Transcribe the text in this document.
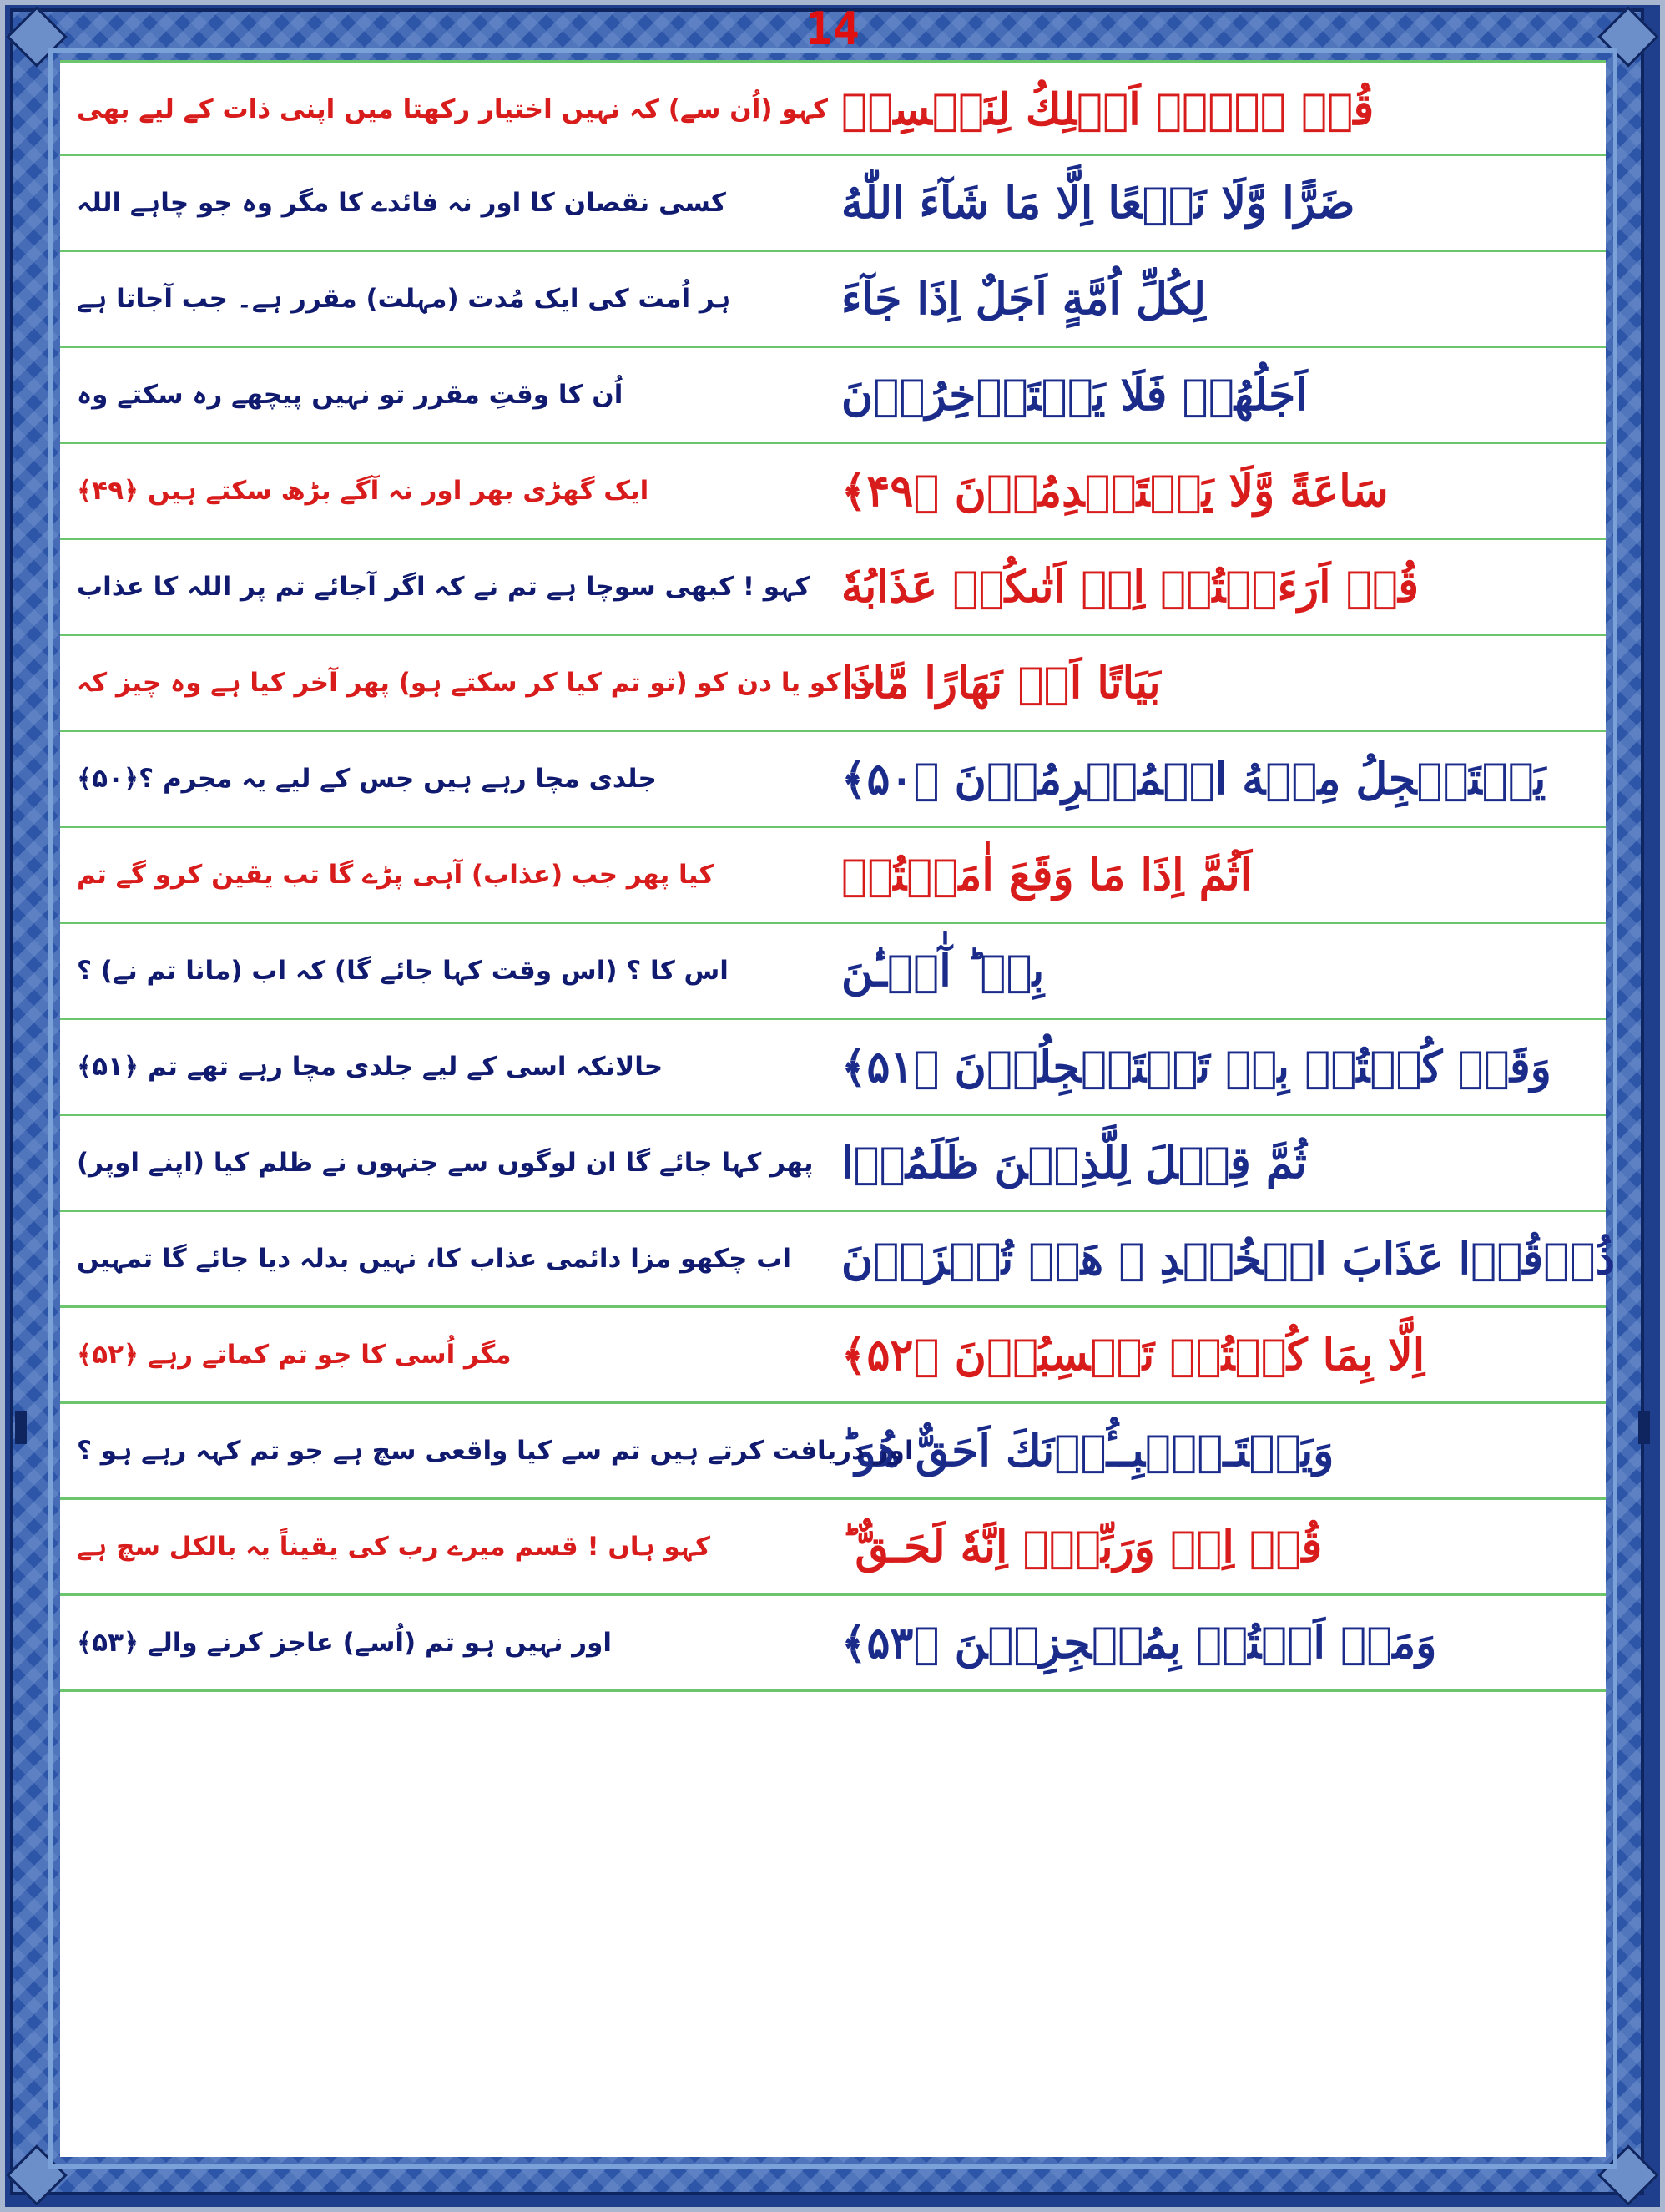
14
قُلۡ لَّاۤ اَمۡلِكُ لِنَفۡسِیۡ
کہو (اُن سے) کہ نہیں اختیار رکھتا میں اپنی ذات کے لیے بھی
ضَرًّا وَّلَا نَفۡعًا اِلَّا مَا شَآءَ اللّٰهُ
کسی نقصان کا اور نہ فائدے کا مگر وہ جو چاہے اللہ
لِكُلِّ اُمَّةٍ اَجَلٌ اِذَا جَآءَ
ہر اُمت کی ایک مُدت (مہلت) مقرر ہے۔ جب آجاتا ہے
اَجَلُهُمۡ فَلَا يَسۡتَاۡخِرُوۡنَ
اُن کا وقتِ مقرر تو نہیں پیچھے رہ سکتے وہ
سَاعَةً وَّلَا يَسۡتَقۡدِمُوۡنَ ﴿۴۹﴾
ایک گھڑی بھر اور نہ آگے بڑھ سکتے ہیں ﴿۴۹﴾
قُلۡ اَرَءَيۡتُمۡ اِنۡ اَتٰٮكُمۡ عَذَابُهٗ
کہو ! کبھی سوچا ہے تم نے کہ اگر آجائے تم پر اللہ کا عذاب
بَيَاتًا اَوۡ نَهَارًا مَّاذَا
رات کو یا دن کو (تو تم کیا کر سکتے ہو) پھر آخر کیا ہے وہ چیز کہ
يَسۡتَعۡجِلُ مِنۡهُ الۡمُجۡرِمُوۡنَ ﴿۵۰﴾
جلدی مچا رہے ہیں جس کے لیے یہ مجرم ؟﴿۵۰﴾
اَثُمَّ اِذَا مَا وَقَعَ اٰمَنۡتُمۡ
کیا پھر جب (عذاب) آہی پڑے گا تب یقین کرو گے تم
بِهٖ ؕ آٰلۡـٰٔنَ
اس کا ؟ (اس وقت کہا جائے گا) کہ اب (مانا تم نے) ؟
وَقَدۡ كُنۡتُمۡ بِهٖ تَسۡتَعۡجِلُوۡنَ ﴿۵۱﴾
حالانکہ اسی کے لیے جلدی مچا رہے تھے تم ﴿۵۱﴾
ثُمَّ قِيۡلَ لِلَّذِيۡنَ ظَلَمُوۡا
پھر کہا جائے گا ان لوگوں سے جنہوں نے ظلم کیا (اپنے اوپر)
ذُوۡقُوۡا عَذَابَ الۡخُلۡدِ ۚ هَلۡ تُجۡزَوۡنَ
اب چکھو مزا دائمی عذاب کا، نہیں بدلہ دیا جائے گا تمہیں
اِلَّا بِمَا كُنۡتُمۡ تَكۡسِبُوۡنَ ﴿۵۲﴾
مگر اُسی کا جو تم کماتے رہے ﴿۵۲﴾
وَيَسۡتَـنۡۢبِــُٔوۡنَكَ اَحَقٌّ هُوَ ؕ
اور دریافت کرتے ہیں تم سے کیا واقعی سچ ہے جو تم کہہ رہے ہو ؟
قُلۡ اِىۡ وَرَبِّىۡۤ اِنَّهٗ لَحَـقٌّ ؕ
کہو ہاں ! قسم میرے رب کی یقیناً یہ بالکل سچ ہے
وَمَاۤ اَنۡتُمۡ بِمُعۡجِزِيۡنَ ﴿۵۳﴾
اور نہیں ہو تم (اُسے) عاجز کرنے والے ﴿۵۳﴾
